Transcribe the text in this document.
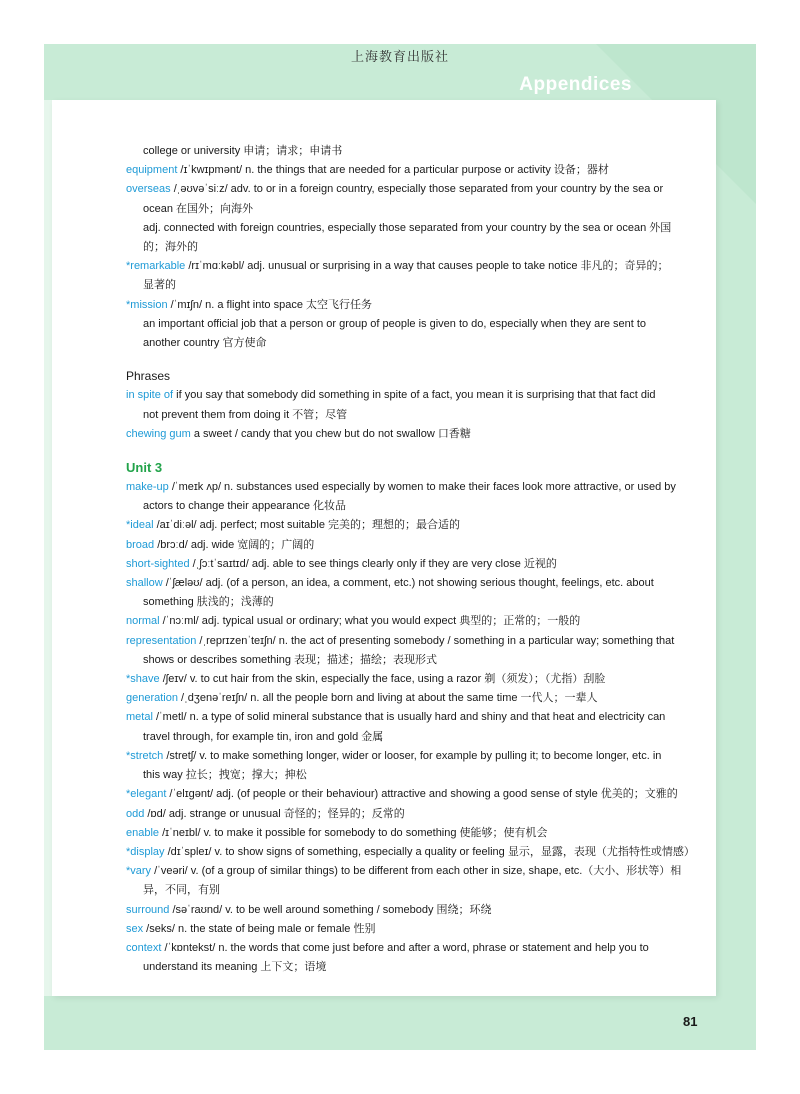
上海教育出版社
Appendices
college or university 申请；请求；申请书
equipment /ɪˈkwɪpmənt/ n. the things that are needed for a particular purpose or activity 设备；器材
overseas /ˌəʊvəˈsiːz/ adv. to or in a foreign country, especially those separated from your country by the sea or
ocean 在国外；向海外
adj. connected with foreign countries, especially those separated from your country by the sea or ocean 外国
的；海外的
*remarkable /rɪˈmɑːkəbl/ adj. unusual or surprising in a way that causes people to take notice 非凡的；奇异的；
显著的
*mission /ˈmɪʃn/ n. a flight into space 太空飞行任务
an important official job that a person or group of people is given to do, especially when they are sent to
another country 官方使命
Phrases
in spite of if you say that somebody did something in spite of a fact, you mean it is surprising that that fact did
not prevent them from doing it 不管；尽管
chewing gum a sweet / candy that you chew but do not swallow 口香糖
Unit 3
make-up /ˈmeɪk ʌp/ n. substances used especially by women to make their faces look more attractive, or used by
actors to change their appearance 化妆品
*ideal /aɪˈdiːəl/ adj. perfect; most suitable 完美的；理想的；最合适的
broad /brɔːd/ adj. wide 宽阔的；广阔的
short-sighted /ˌʃɔːtˈsaɪtɪd/ adj. able to see things clearly only if they are very close 近视的
shallow /ˈʃæləʊ/ adj. (of a person, an idea, a comment, etc.) not showing serious thought, feelings, etc. about
something 肤浅的；浅薄的
normal /ˈnɔːml/ adj. typical usual or ordinary; what you would expect 典型的；正常的；一般的
representation /ˌreprɪzenˈteɪʃn/ n. the act of presenting somebody / something in a particular way; something that
shows or describes something 表现；描述；描绘；表现形式
*shave /ʃeɪv/ v. to cut hair from the skin, especially the face, using a razor 剃（须发）；（尤指）刮脸
generation /ˌdʒenəˈreɪʃn/ n. all the people born and living at about the same time 一代人；一辈人
metal /ˈmetl/ n. a type of solid mineral substance that is usually hard and shiny and that heat and electricity can
travel through, for example tin, iron and gold 金属
*stretch /stretʃ/ v. to make something longer, wider or looser, for example by pulling it; to become longer, etc. in
this way 拉长；拽宽；撑大；抻松
*elegant /ˈelɪgənt/ adj. (of people or their behaviour) attractive and showing a good sense of style 优美的；文雅的
odd /ɒd/ adj. strange or unusual 奇怪的；怪异的；反常的
enable /ɪˈneɪbl/ v. to make it possible for somebody to do something 使能够；使有机会
*display /dɪˈspleɪ/ v. to show signs of something, especially a quality or feeling 显示，显露，表现（尤指特性或情感）
*vary /ˈveəri/ v. (of a group of similar things) to be different from each other in size, shape, etc.（大小、形状等）相
异，不同，有别
surround /səˈraʊnd/ v. to be well around something / somebody 围绕；环绕
sex /seks/ n. the state of being male or female 性别
context /ˈkɒntekst/ n. the words that come just before and after a word, phrase or statement and help you to
understand its meaning 上下文；语境
81
